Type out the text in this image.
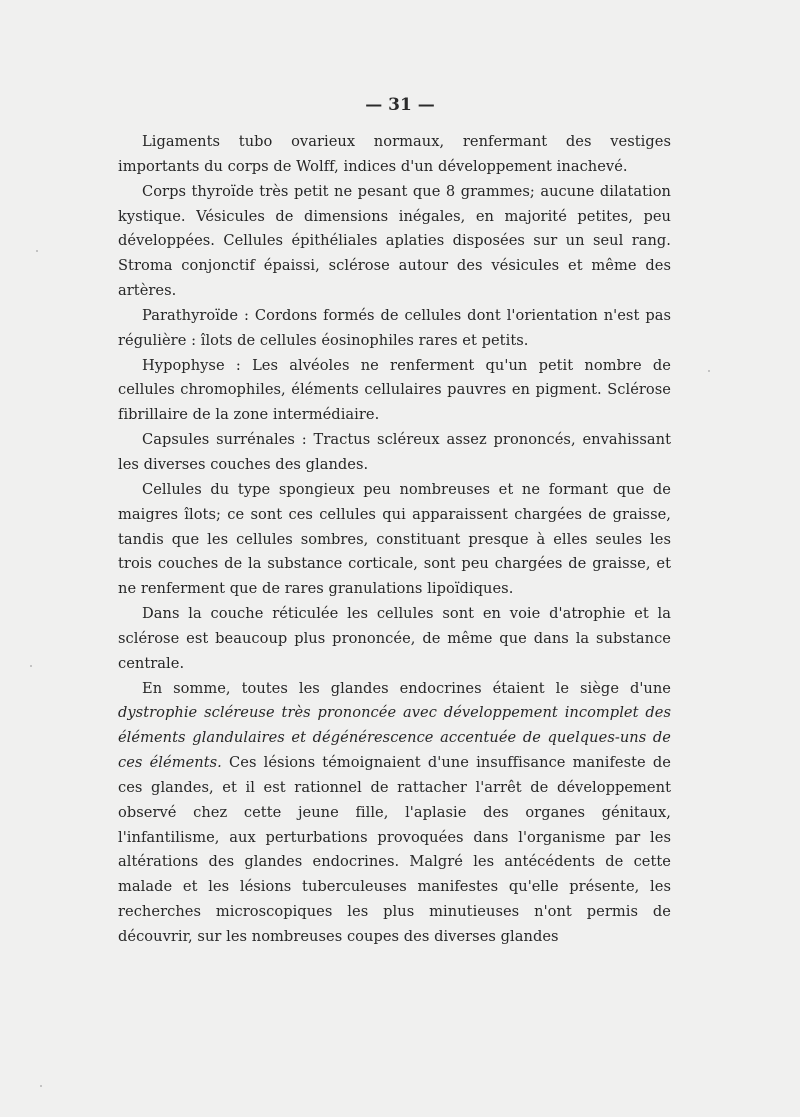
— 31 —

Ligaments tubo ovarieux normaux, renfermant des vestiges importants du corps de Wolff, indices d'un développement inachevé.

Corps thyroïde très petit ne pesant que 8 grammes; aucune dilatation kystique. Vésicules de dimensions inégales, en majorité petites, peu développées. Cellules épithéliales aplaties disposées sur un seul rang. Stroma conjonctif épaissi, sclérose autour des vésicules et même des artères.

Parathyroïde : Cordons formés de cellules dont l'orientation n'est pas régulière : îlots de cellules éosinophiles rares et petits.

Hypophyse : Les alvéoles ne renferment qu'un petit nombre de cellules chromophiles, éléments cellulaires pauvres en pigment. Sclérose fibrillaire de la zone intermédiaire.

Capsules surrénales : Tractus scléreux assez prononcés, envahissant les diverses couches des glandes.

Cellules du type spongieux peu nombreuses et ne formant que de maigres îlots; ce sont ces cellules qui apparaissent chargées de graisse, tandis que les cellules sombres, constituant presque à elles seules les trois couches de la substance corticale, sont peu chargées de graisse, et ne renferment que de rares granulations lipoïdiques.

Dans la couche réticulée les cellules sont en voie d'atrophie et la sclérose est beaucoup plus prononcée, de même que dans la substance centrale.

En somme, toutes les glandes endocrines étaient le siège d'une dystrophie scléreuse très prononcée avec développement incomplet des éléments glandulaires et dégénérescence accentuée de quelques-uns de ces éléments. Ces lésions témoignaient d'une insuffisance manifeste de ces glandes, et il est rationnel de rattacher l'arrêt de développement observé chez cette jeune fille, l'aplasie des organes génitaux, l'infantilisme, aux perturbations provoquées dans l'organisme par les altérations des glandes endocrines. Malgré les antécédents de cette malade et les lésions tuberculeuses manifestes qu'elle présente, les recherches microscopiques les plus minutieuses n'ont permis de découvrir, sur les nombreuses coupes des diverses glandes
